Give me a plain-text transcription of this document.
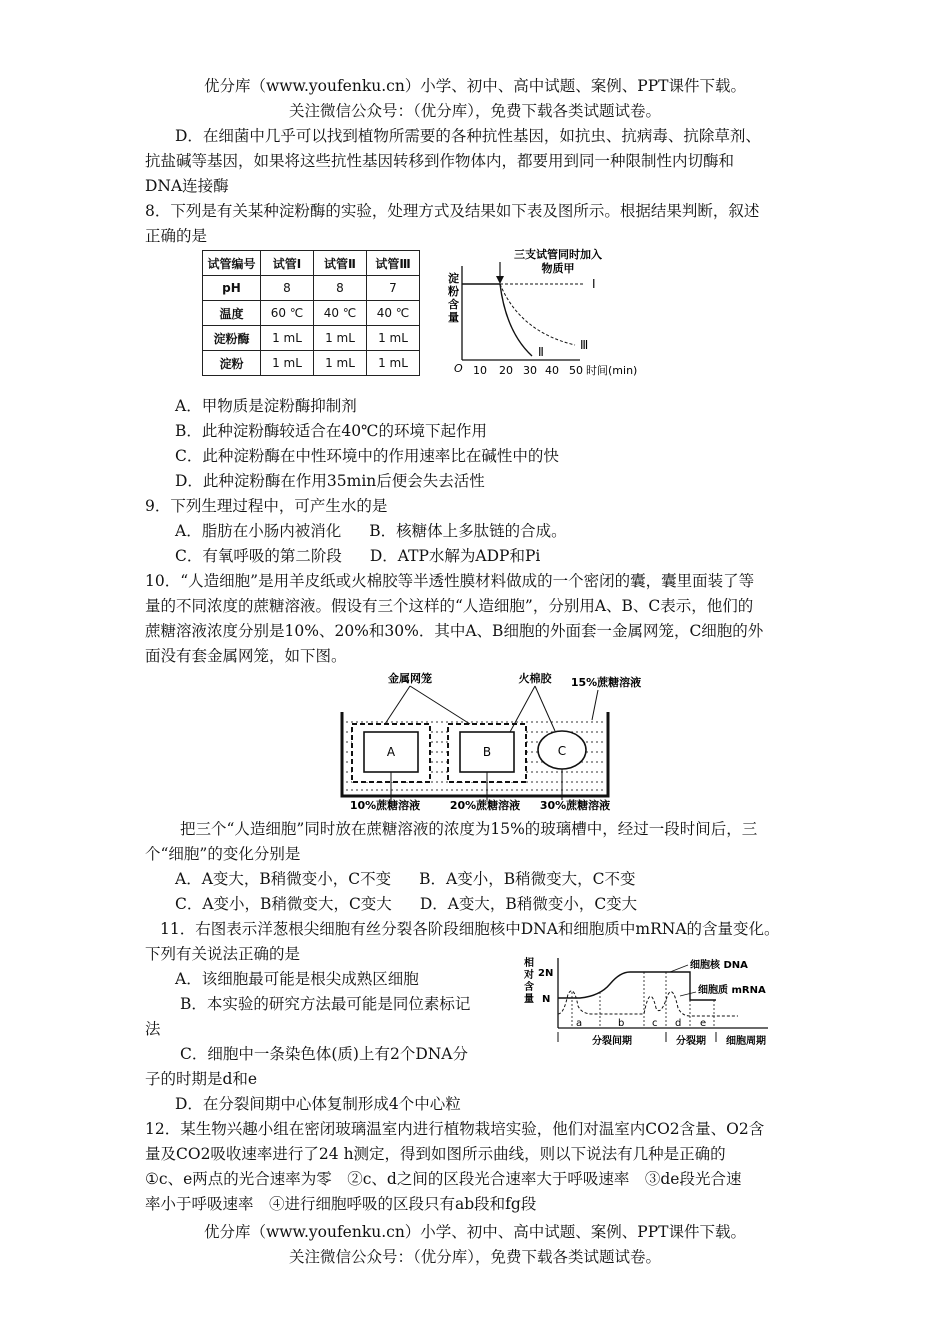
优分库（www.youfenku.cn）小学、初中、高中试题、案例、PPT课件下载。
关注微信公众号：（优分库），免费下载各类试题试卷。
D．在细菌中几乎可以找到植物所需要的各种抗性基因，如抗虫、抗病毒、抗除草剂、
抗盐碱等基因，如果将这些抗性基因转移到作物体内，都要用到同一种限制性内切酶和
DNA连接酶
8．下列是有关某种淀粉酶的实验，处理方式及结果如下表及图所示。根据结果判断，叙述
正确的是
试管编号	试管Ⅰ	试管Ⅱ	试管Ⅲ
pH	8	8	7
温度	60 ℃	40 ℃	40 ℃
淀粉酶	1 mL	1 mL	1 mL
淀粉	1 mL	1 mL	1 mL
三支试管同时加入
物质甲
淀
粉
含
量
O 10 20 30 40 50 时间(min)
Ⅰ
Ⅱ	Ⅲ
A．甲物质是淀粉酶抑制剂
B．此种淀粉酶较适合在40℃的环境下起作用
C．此种淀粉酶在中性环境中的作用速率比在碱性中的快
D．此种淀粉酶在作用35min后便会失去活性
9．下列生理过程中，可产生水的是
A．脂肪在小肠内被消化 B．核糖体上多肽链的合成。
C．有氧呼吸的第二阶段 D．ATP水解为ADP和Pi
10．“人造细胞”是用羊皮纸或火棉胶等半透性膜材料做成的一个密闭的囊，囊里面装了等
量的不同浓度的蔗糖溶液。假设有三个这样的“人造细胞”，分别用A、B、C表示，他们的
蔗糖溶液浓度分别是10%、20%和30%．其中A、B细胞的外面套一金属网笼，C细胞的外
面没有套金属网笼，如下图。
金属网笼	火棉胶 15%蔗糖溶液
A	B	C
10%蔗糖溶液	20%蔗糖溶液 30%蔗糖溶液
把三个“人造细胞”同时放在蔗糖溶液的浓度为15%的玻璃槽中，经过一段时间后，三
个“细胞”的变化分别是
A．A变大，B稍微变小，C不变 B．A变小，B稍微变大，C不变
C．A变小，B稍微变大，C变大 D．A变大，B稍微变小，C变大
11．右图表示洋葱根尖细胞有丝分裂各阶段细胞核中DNA和细胞质中mRNA的含量变化。
下列有关说法正确的是
A．该细胞最可能是根尖成熟区细胞
B．本实验的研究方法最可能是同位素标记
法
C．细胞中一条染色体(质)上有2个DNA分
子的时期是d和e
D．在分裂间期中心体复制形成4个中心粒
相
对
含
量
2N
N
细胞核 DNA
细胞质 mRNA
a	b	c d e
分裂间期	分裂期 细胞周期
12．某生物兴趣小组在密闭玻璃温室内进行植物栽培实验，他们对温室内CO2含量、O2含
量及CO2吸收速率进行了24 h测定，得到如图所示曲线，则以下说法有几种是正确的
①c、e两点的光合速率为零　②c、d之间的区段光合速率大于呼吸速率　③de段光合速
率小于呼吸速率　④进行细胞呼吸的区段只有ab段和fg段
优分库（www.youfenku.cn）小学、初中、高中试题、案例、PPT课件下载。
关注微信公众号：（优分库），免费下载各类试题试卷。
